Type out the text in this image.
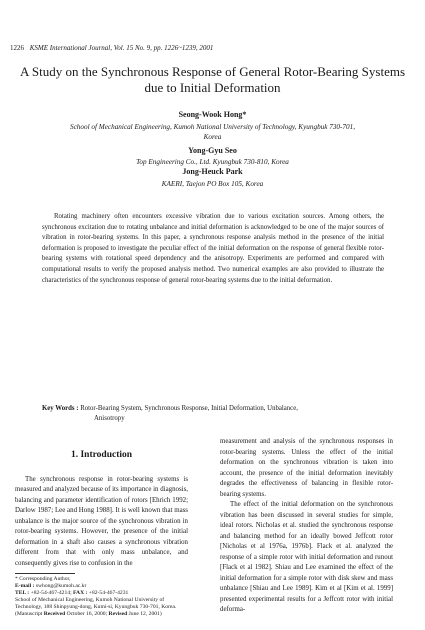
1226 KSME International Journal, Vol. 15 No. 9, pp. 1226~1239, 2001
A Study on the Synchronous Response of General Rotor-Bearing Systems due to Initial Deformation
Seong-Wook Hong*
School of Mechanical Engineering, Kumoh National University of Technology, Kyungbuk 730-701,
Korea
Yong-Gyu Seo
Top Engineering Co., Ltd. Kyungbuk 730-810, Korea
Jong-Heuck Park
KAERI, Taejon PO Box 105, Korea
Rotating machinery often encounters excessive vibration due to various excitation sources. Among others, the synchronous excitation due to rotating unbalance and initial deformation is acknowledged to be one of the major sources of vibration in rotor-bearing systems. In this paper, a synchronous response analysis method in the presence of the initial deformation is proposed to investigate the peculiar effect of the initial deformation on the response of general flexible rotor-bearing systems with rotational speed dependency and the anisotropy. Experiments are performed and compared with computational results to verify the proposed analysis method. Two numerical examples are also provided to illustrate the characteristics of the synchronous response of general rotor-bearing systems due to the initial deformation.
Key Words : Rotor-Bearing System, Synchronous Response, Initial Deformation, Unbalance,
Anisotropy
1. Introduction

The synchronous response in rotor-bearing systems is measured and analyzed because of its importance in diagnosis, balancing and parameter identification of rotors [Ehrich 1992; Darlow 1987; Lee and Hong 1988]. It is well known that mass unbalance is the major source of the synchronous vibration in rotor-bearing systems. However, the presence of the initial deformation in a shaft also causes a synchronous vibration different from that with only mass unbalance, and consequently gives rise to confusion in the

measurement and analysis of the synchronous responses in rotor-bearing systems. Unless the effect of the initial deformation on the synchronous vibration is taken into account, the presence of the initial deformation inevitably degrades the effectiveness of balancing in flexible rotor-bearing systems.

The effect of the initial deformation on the synchronous vibration has been discussed in several studies for simple, ideal rotors. Nicholas et al. studied the synchronous response and balancing method for an ideally bowed Jeffcott rotor [Nicholas et al 1976a, 1976b]. Flack et al. analyzed the response of a simple rotor with initial deformation and runout [Flack et al 1982]. Shiau and Lee examined the effect of the initial deformation for a simple rotor with disk skew and mass unbalance [Shiau and Lee 1989]. Kim et al [Kim et al. 1999] presented experimental results for a Jeffcott rotor with initial deforma-

* Corresponding Author,
E-mail : swhong@kumoh.ac.kr
TEL : +82-54-467-4214; FAX : +82-54-467-4231
School of Mechanical Engineering, Kumoh National University of Technology, 188 Shinpyung-dong, Kumi-si, Kyungbuk 730-701, Korea. (Manuscript Received October 16, 2000; Revised June 12, 2001)
